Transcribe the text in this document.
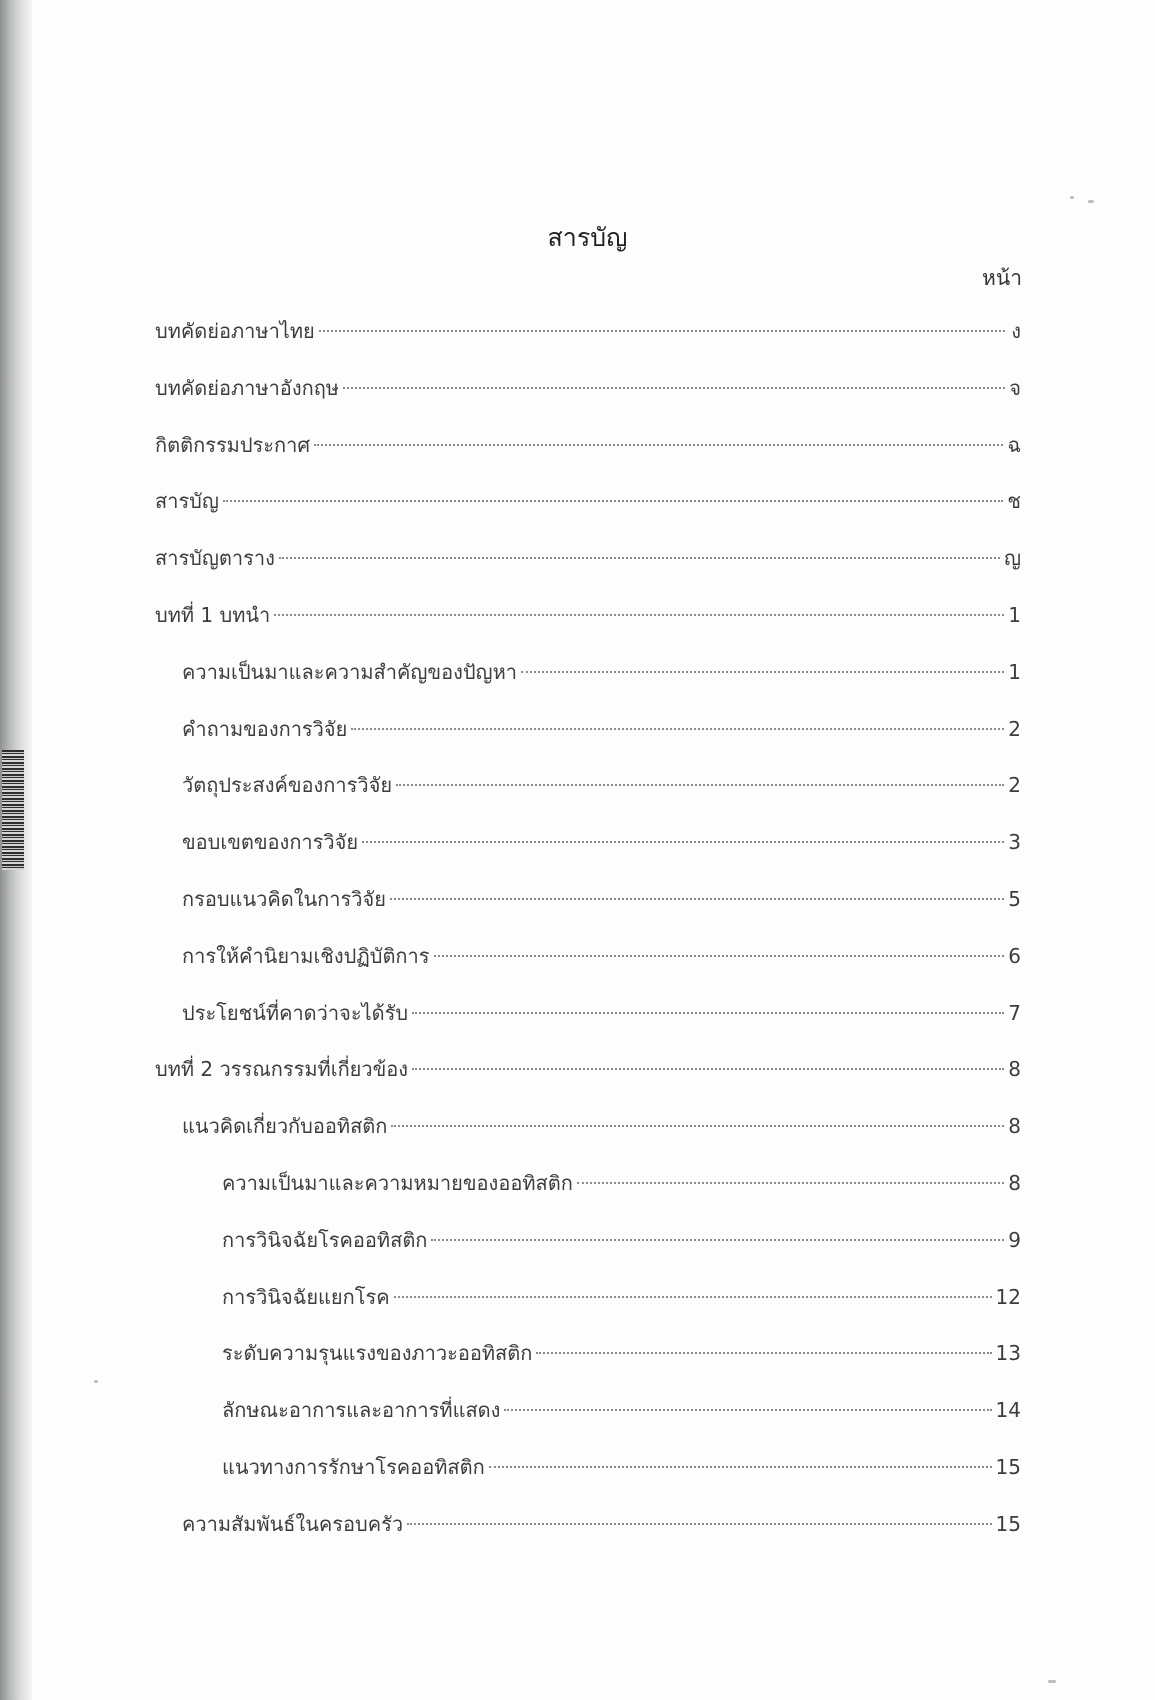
สารบัญ
หน้า
บทคัดย่อภาษาไทย	ง
บทคัดย่อภาษาอังกฤษ	จ
กิตติกรรมประกาศ	ฉ
สารบัญ	ช
สารบัญตาราง	ญ
บทที่ 1 บทนำ	1
ความเป็นมาและความสำคัญของปัญหา	1
คำถามของการวิจัย	2
วัตถุประสงค์ของการวิจัย	2
ขอบเขตของการวิจัย	3
กรอบแนวคิดในการวิจัย	5
การให้คำนิยามเชิงปฏิบัติการ	6
ประโยชน์ที่คาดว่าจะได้รับ	7
บทที่ 2 วรรณกรรมที่เกี่ยวข้อง	8
แนวคิดเกี่ยวกับออทิสติก	8
ความเป็นมาและความหมายของออทิสติก	8
การวินิจฉัยโรคออทิสติก	9
การวินิจฉัยแยกโรค	12
ระดับความรุนแรงของภาวะออทิสติก	13
ลักษณะอาการและอาการที่แสดง	14
แนวทางการรักษาโรคออทิสติก	15
ความสัมพันธ์ในครอบครัว	15
